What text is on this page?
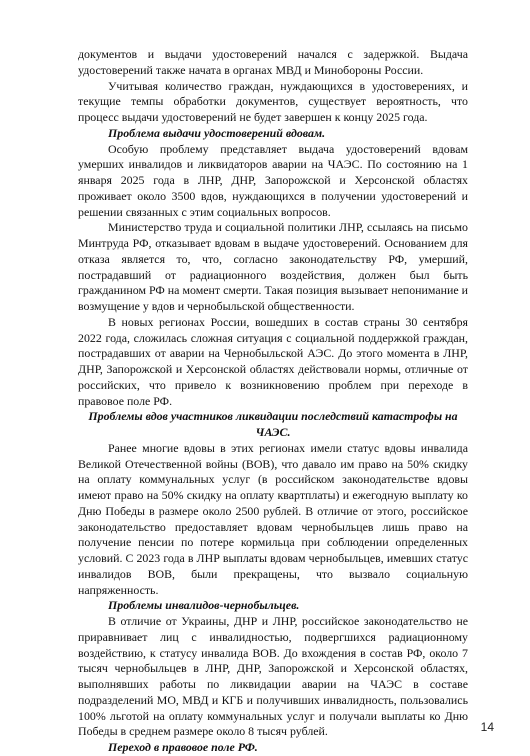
документов и выдачи удостоверений начался с задержкой. Выдача удостоверений также начата в органах МВД и Минобороны России.

Учитывая количество граждан, нуждающихся в удостоверениях, и текущие темпы обработки документов, существует вероятность, что процесс выдачи удостоверений не будет завершен к концу 2025 года.

Проблема выдачи удостоверений вдовам.

Особую проблему представляет выдача удостоверений вдовам умерших инвалидов и ликвидаторов аварии на ЧАЭС. По состоянию на 1 января 2025 года в ЛНР, ДНР, Запорожской и Херсонской областях проживает около 3500 вдов, нуждающихся в получении удостоверений и решении связанных с этим социальных вопросов.

Министерство труда и социальной политики ЛНР, ссылаясь на письмо Минтруда РФ, отказывает вдовам в выдаче удостоверений. Основанием для отказа является то, что, согласно законодательству РФ, умерший, пострадавший от радиационного воздействия, должен был быть гражданином РФ на момент смерти. Такая позиция вызывает непонимание и возмущение у вдов и чернобыльской общественности.

В новых регионах России, вошедших в состав страны 30 сентября 2022 года, сложилась сложная ситуация с социальной поддержкой граждан, пострадавших от аварии на Чернобыльской АЭС. До этого момента в ЛНР, ДНР, Запорожской и Херсонской областях действовали нормы, отличные от российских, что привело к возникновению проблем при переходе в правовое поле РФ.

Проблемы вдов участников ликвидации последствий катастрофы на ЧАЭС.

Ранее многие вдовы в этих регионах имели статус вдовы инвалида Великой Отечественной войны (ВОВ), что давало им право на 50% скидку на оплату коммунальных услуг (в российском законодательстве вдовы имеют право на 50% скидку на оплату квартплаты) и ежегодную выплату ко Дню Победы в размере около 2500 рублей. В отличие от этого, российское законодательство предоставляет вдовам чернобыльцев лишь право на получение пенсии по потере кормильца при соблюдении определенных условий. С 2023 года в ЛНР выплаты вдовам чернобыльцев, имевших статус инвалидов ВОВ, были прекращены, что вызвало социальную напряженность.

Проблемы инвалидов-чернобыльцев.

В отличие от Украины, ДНР и ЛНР, российское законодательство не приравнивает лиц с инвалидностью, подвергшихся радиационному воздействию, к статусу инвалида ВОВ. До вхождения в состав РФ, около 7 тысяч чернобыльцев в ЛНР, ДНР, Запорожской и Херсонской областях, выполнявших работы по ликвидации аварии на ЧАЭС в составе подразделений МО, МВД и КГБ и получивших инвалидность, пользовались 100% льготой на оплату коммунальных услуг и получали выплаты ко Дню Победы в среднем размере около 8 тысяч рублей.

Переход в правовое поле РФ.

14
